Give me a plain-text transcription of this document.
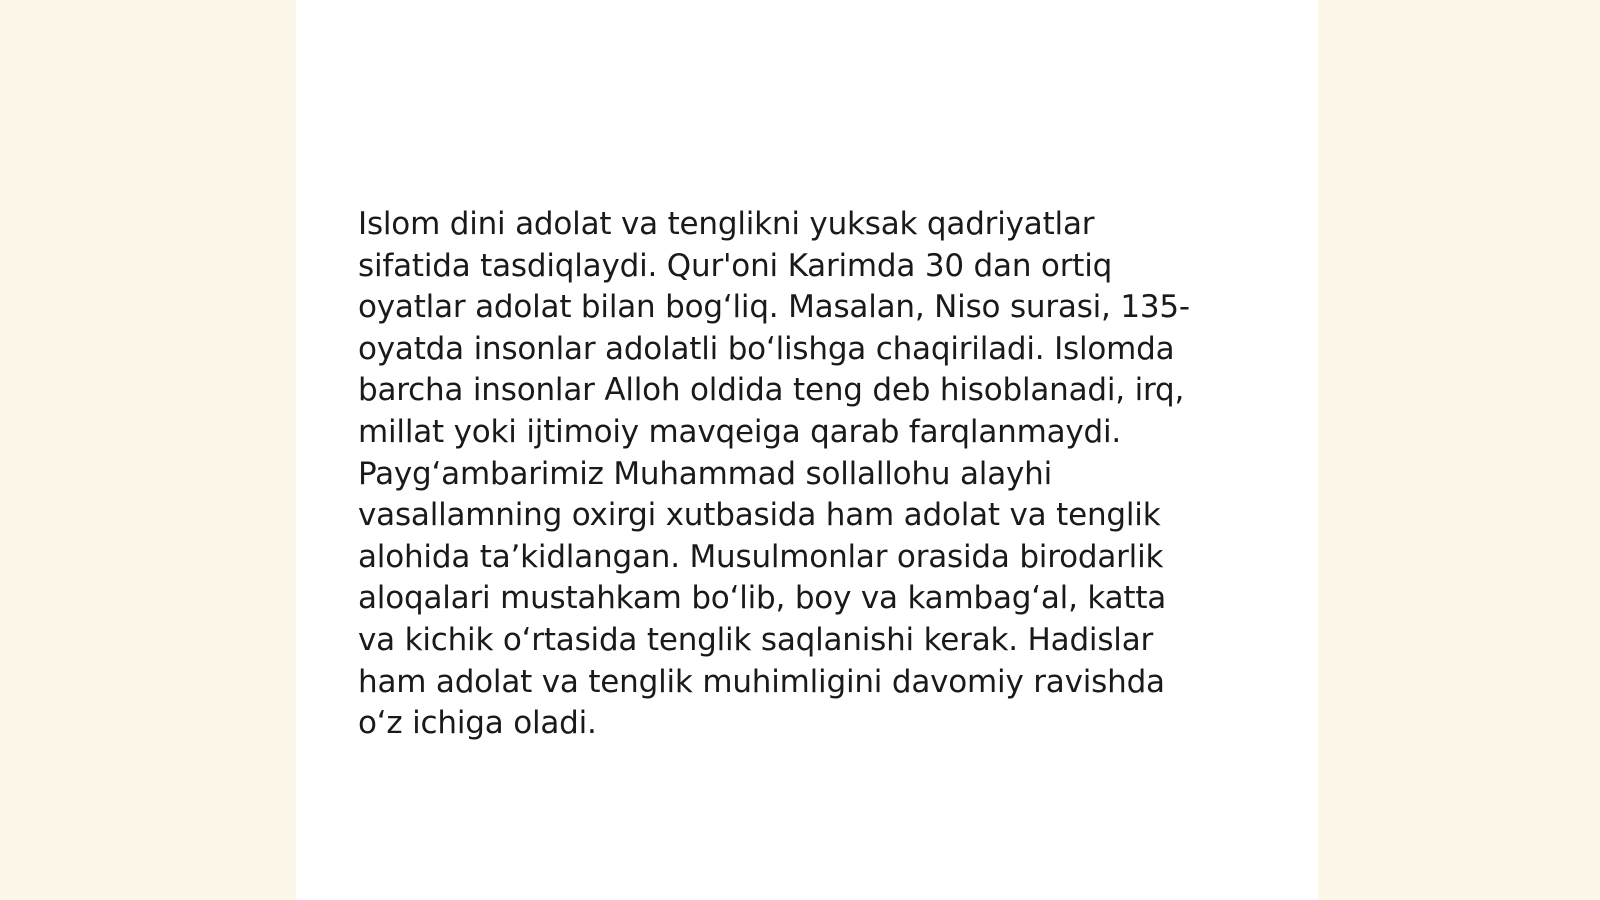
Islom dini adolat va tenglikni yuksak qadriyatlar
sifatida tasdiqlaydi. Qur'oni Karimda 30 dan ortiq
oyatlar adolat bilan bog‘liq. Masalan, Niso surasi, 135-
oyatda insonlar adolatli bo‘lishga chaqiriladi. Islomda
barcha insonlar Alloh oldida teng deb hisoblanadi, irq,
millat yoki ijtimoiy mavqeiga qarab farqlanmaydi.
Payg‘ambarimiz Muhammad sollallohu alayhi
vasallamning oxirgi xutbasida ham adolat va tenglik
alohida ta’kidlangan. Musulmonlar orasida birodarlik
aloqalari mustahkam bo‘lib, boy va kambag‘al, katta
va kichik o‘rtasida tenglik saqlanishi kerak. Hadislar
ham adolat va tenglik muhimligini davomiy ravishda
o‘z ichiga oladi.
